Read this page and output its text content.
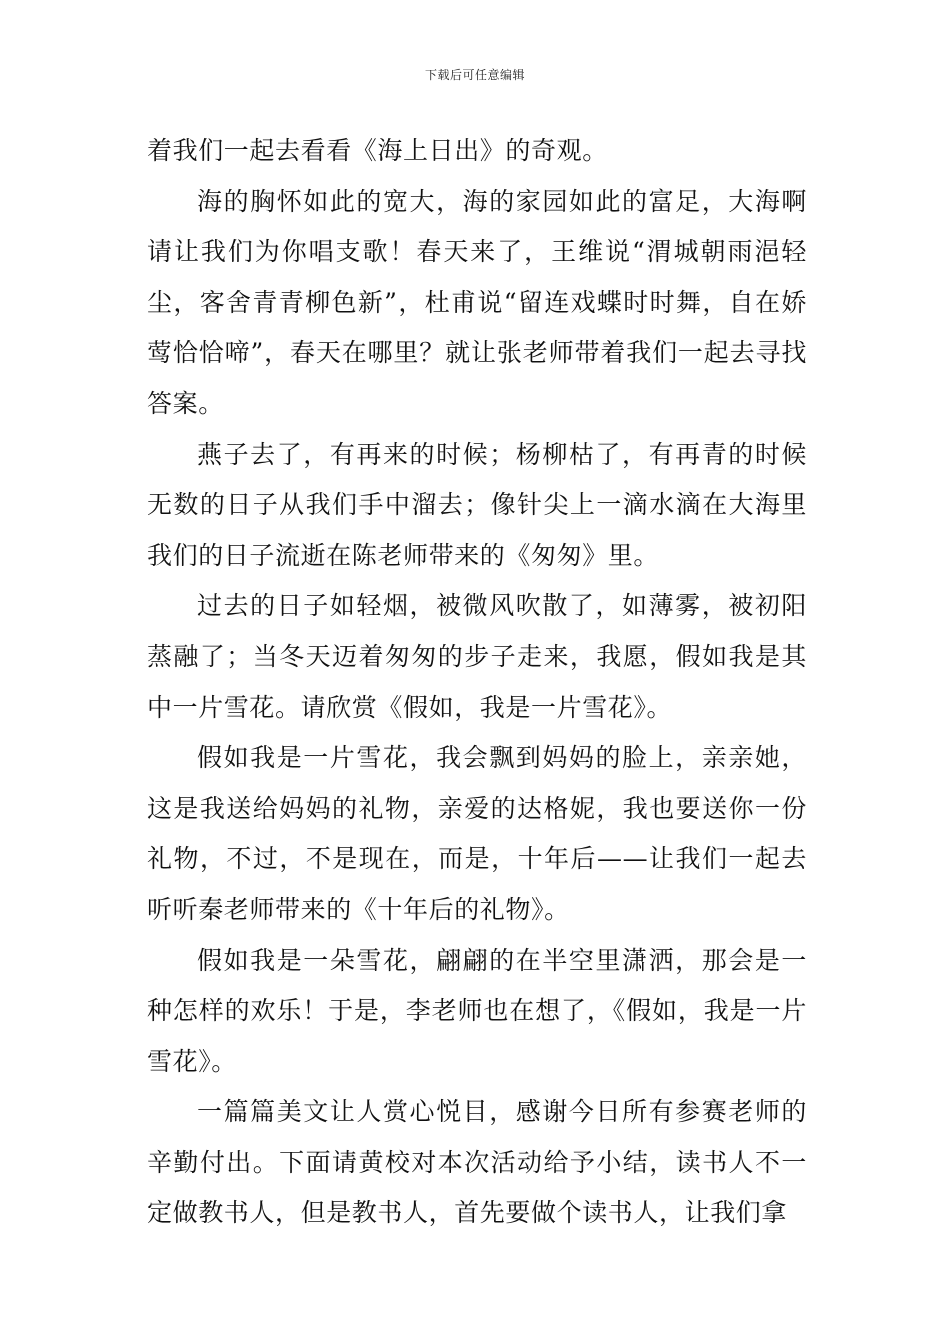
下载后可任意编辑

着我们一起去看看《海上日出》的奇观。

海的胸怀如此的宽大，海的家园如此的富足，大海啊请让我们为你唱支歌！春天来了，王维说“渭城朝雨浥轻尘，客舍青青柳色新”，杜甫说“留连戏蝶时时舞，自在娇莺恰恰啼”，春天在哪里？就让张老师带着我们一起去寻找答案。

燕子去了，有再来的时候；杨柳枯了，有再青的时候无数的日子从我们手中溜去；像针尖上一滴水滴在大海里我们的日子流逝在陈老师带来的《匆匆》里。

过去的日子如轻烟，被微风吹散了，如薄雾，被初阳蒸融了；当冬天迈着匆匆的步子走来，我愿，假如我是其中一片雪花。请欣赏《假如，我是一片雪花》。

假如我是一片雪花，我会飘到妈妈的脸上，亲亲她，这是我送给妈妈的礼物，亲爱的达格妮，我也要送你一份礼物，不过，不是现在，而是，十年后——让我们一起去听听秦老师带来的《十年后的礼物》。

假如我是一朵雪花，翩翩的在半空里潇洒，那会是一种怎样的欢乐！于是，李老师也在想了，《假如，我是一片雪花》。

一篇篇美文让人赏心悦目，感谢今日所有参赛老师的辛勤付出。下面请黄校对本次活动给予小结，读书人不一定做教书人，但是教书人，首先要做个读书人，让我们拿
